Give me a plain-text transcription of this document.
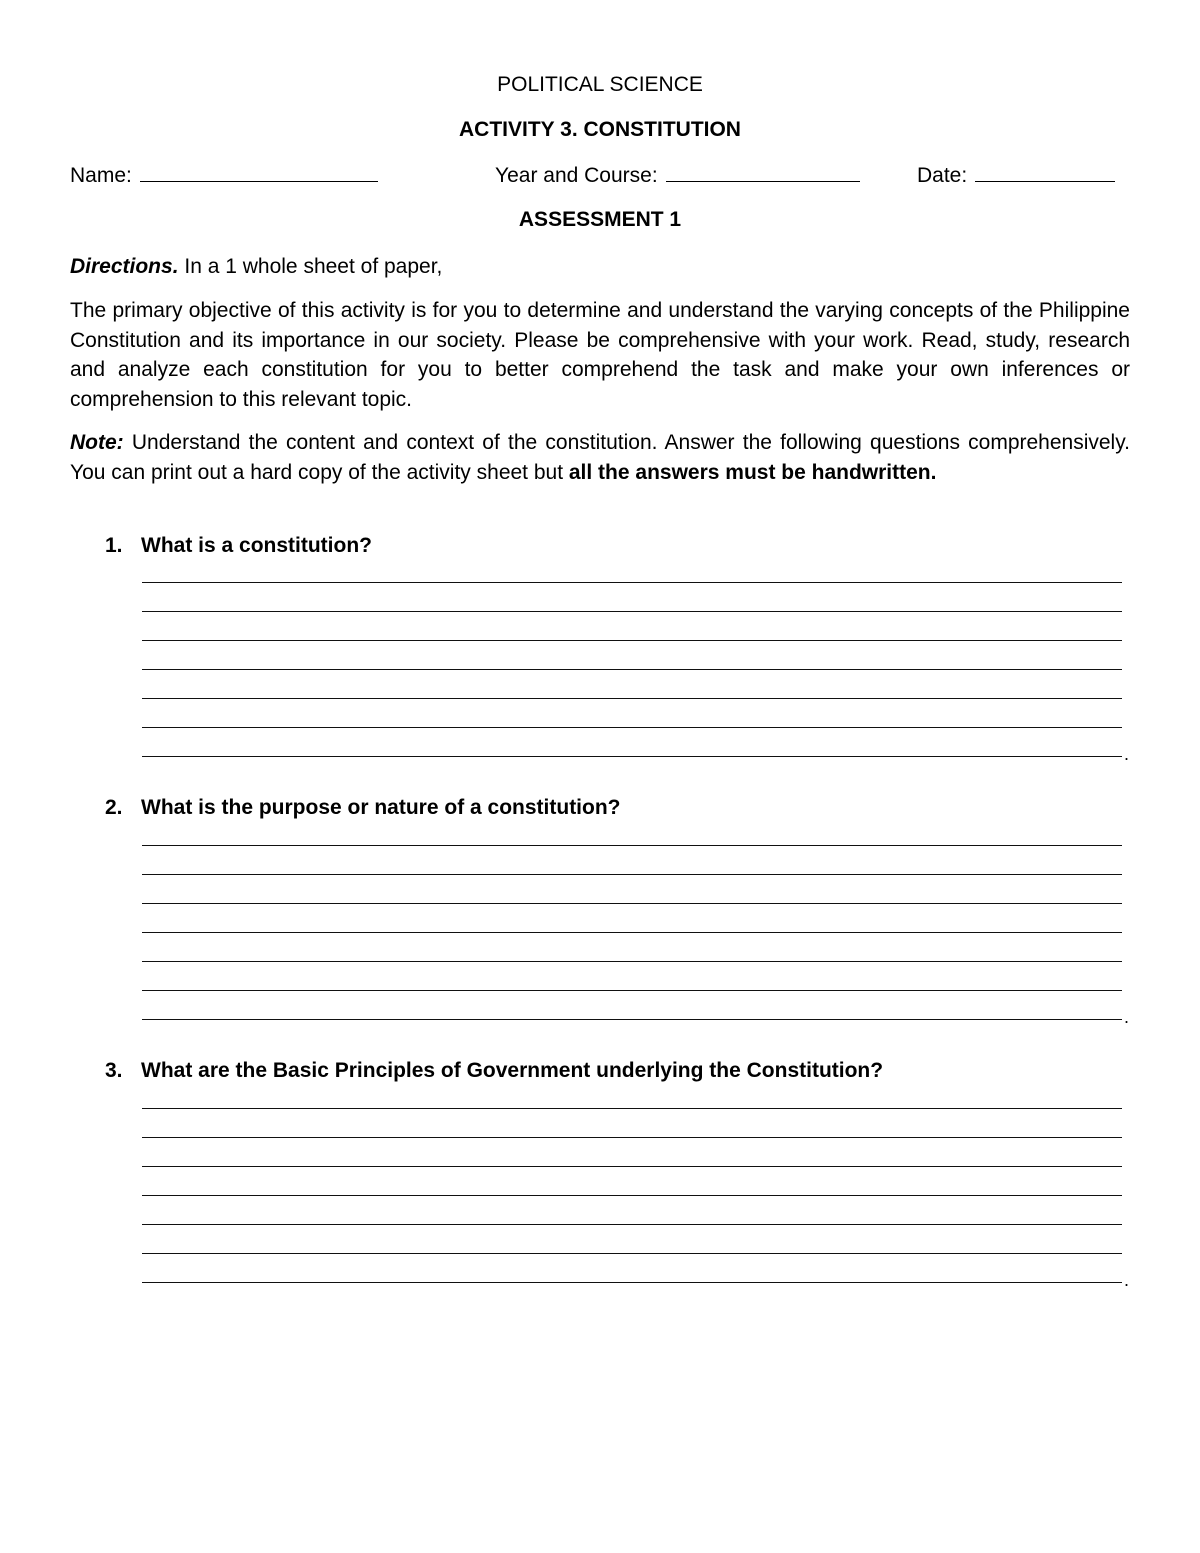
POLITICAL SCIENCE
ACTIVITY 3. CONSTITUTION
Name:	Year and Course:	Date:
ASSESSMENT 1

Directions. In a 1 whole sheet of paper,

The primary objective of this activity is for you to determine and understand the varying concepts of the Philippine Constitution and its importance in our society. Please be comprehensive with your work. Read, study, research and analyze each constitution for you to better comprehend the task and make your own inferences or comprehension to this relevant topic.

Note: Understand the content and context of the constitution. Answer the following questions comprehensively. You can print out a hard copy of the activity sheet but all the answers must be handwritten.

1. What is a constitution?
.
2. What is the purpose or nature of a constitution?
.
3. What are the Basic Principles of Government underlying the Constitution?
.
